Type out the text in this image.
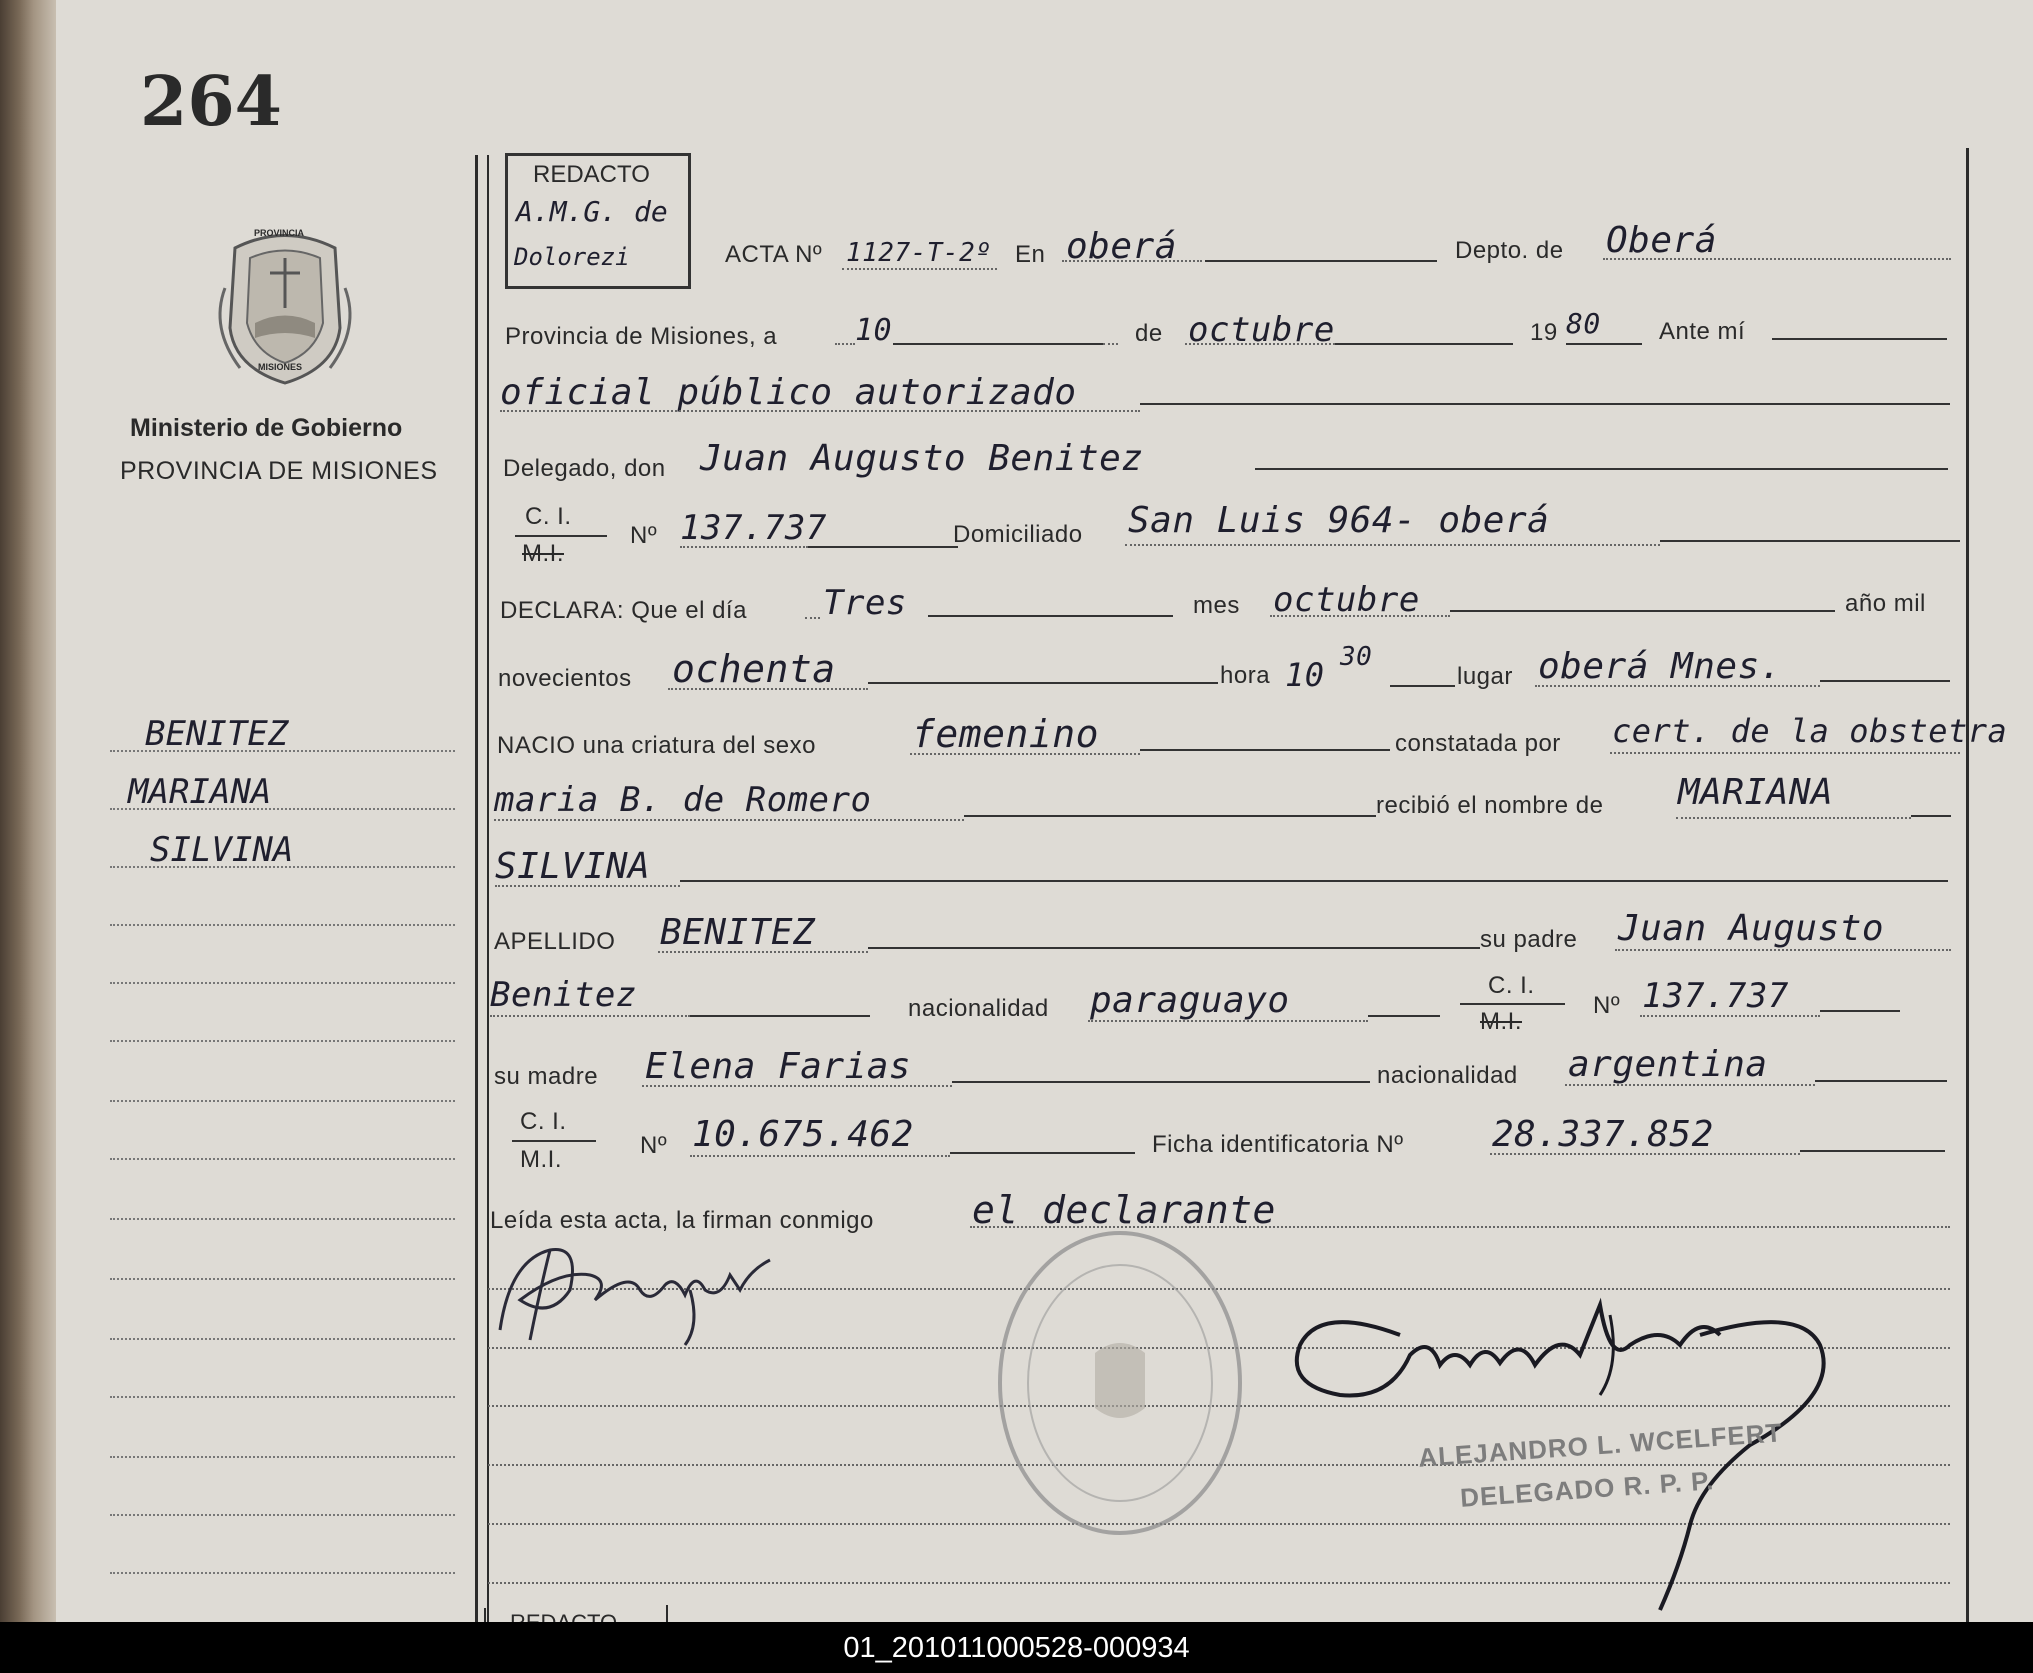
264
PROVINCIA
MISIONES
Ministerio de Gobierno
PROVINCIA DE MISIONES
BENITEZ
MARIANA
SILVINA
REDACTO
A.M.G. de
Dolorezi	ACTA Nº 1127-T-2º En oberá	Depto. de Oberá
Provincia de Misiones, a	10	de octubre	19 80 Ante mí
oficial público autorizado
Delegado, don Juan Augusto Benitez
C. I.
M.I.
Nº 137.737	Domiciliado San Luis 964- oberá
DECLARA: Que el día Tres	mes octubre	año mil
novecientos ochenta	hora 10 30
lugar oberá Mnes.
NACIO una criatura del sexo	femenino	constatada por cert. de la obstetra
maria B. de Romero	recibió el nombre de MARIANA
SILVINA
APELLIDO BENITEZ	su padre Juan Augusto
Benitez	nacionalidad paraguayo	C. I.
M.I.
Nº 137.737
su madre Elena Farias	nacionalidad argentina
C. I.
M.I.
Nº 10.675.462	Ficha identificatoria Nº 28.337.852
Leída esta acta, la firman conmigo	el declarante
ALEJANDRO L. WCELFERT
DELEGADO R. P. P.
01_201011000528-000934
